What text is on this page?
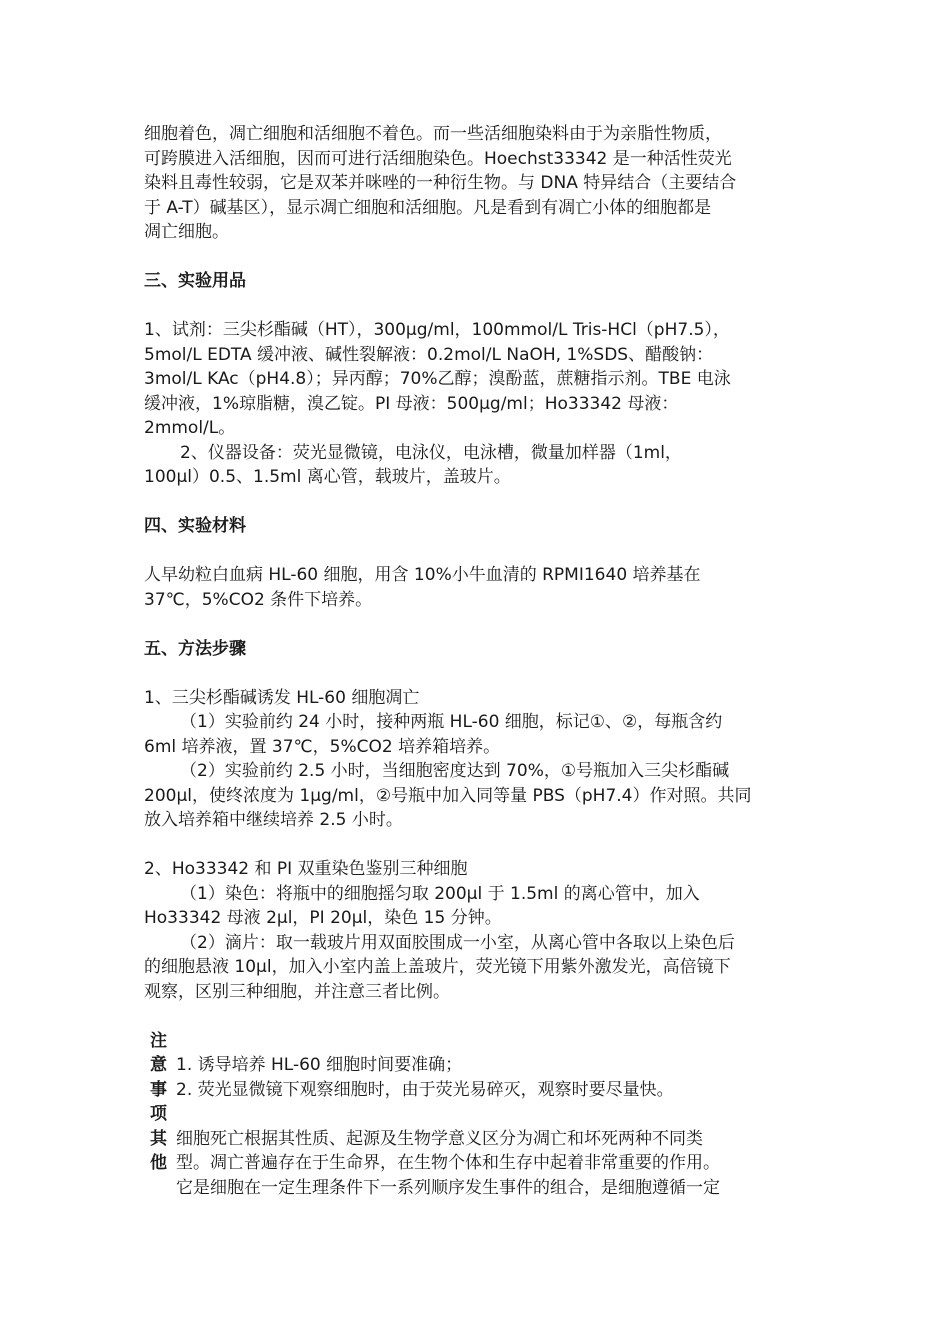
细胞着色，凋亡细胞和活细胞不着色。而一些活细胞染料由于为亲脂性物质，

可跨膜进入活细胞，因而可进行活细胞染色。Hoechst33342 是一种活性荧光

染料且毒性较弱，它是双苯并咪唑的一种衍生物。与 DNA 特异结合（主要结合

于 A-T）碱基区），显示凋亡细胞和活细胞。凡是看到有凋亡小体的细胞都是

凋亡细胞。

三、实验用品

1、试剂：三尖杉酯碱（HT），300μg/ml，100mmol/L Tris-HCl（pH7.5），

5mol/L EDTA 缓冲液、碱性裂解液：0.2mol/L NaOH, 1%SDS、醋酸钠：

3mol/L KAc（pH4.8）；异丙醇；70%乙醇；溴酚蓝，蔗糖指示剂。TBE 电泳

缓冲液，1%琼脂糖，溴乙锭。PI 母液：500μg/ml；Ho33342 母液：

2mmol/L。

2、仪器设备：荧光显微镜，电泳仪，电泳槽，微量加样器（1ml，

100μl）0.5、1.5ml 离心管，载玻片，盖玻片。

四、实验材料

人早幼粒白血病 HL-60 细胞，用含 10%小牛血清的 RPMI1640 培养基在

37℃，5%CO2 条件下培养。

五、方法步骤

1、三尖杉酯碱诱发 HL-60 细胞凋亡

（1）实验前约 24 小时，接种两瓶 HL-60 细胞，标记①、②，每瓶含约

6ml 培养液，置 37℃，5%CO2 培养箱培养。

（2）实验前约 2.5 小时，当细胞密度达到 70%，①号瓶加入三尖杉酯碱

200μl，使终浓度为 1μg/ml，②号瓶中加入同等量 PBS（pH7.4）作对照。共同

放入培养箱中继续培养 2.5 小时。

2、Ho33342 和 PI 双重染色鉴别三种细胞

（1）染色：将瓶中的细胞摇匀取 200μl 于 1.5ml 的离心管中，加入

Ho33342 母液 2μl，PI 20μl，染色 15 分钟。

（2）滴片：取一载玻片用双面胶围成一小室，从离心管中各取以上染色后

的细胞悬液 10μl，加入小室内盖上盖玻片，荧光镜下用紫外激发光，高倍镜下

观察，区别三种细胞，并注意三者比例。

注
意
事
项
其
他

1. 诱导培养 HL-60 细胞时间要准确；

2. 荧光显微镜下观察细胞时，由于荧光易碎灭，观察时要尽量快。

细胞死亡根据其性质、起源及生物学意义区分为凋亡和坏死两种不同类

型。凋亡普遍存在于生命界，在生物个体和生存中起着非常重要的作用。

它是细胞在一定生理条件下一系列顺序发生事件的组合，是细胞遵循一定
